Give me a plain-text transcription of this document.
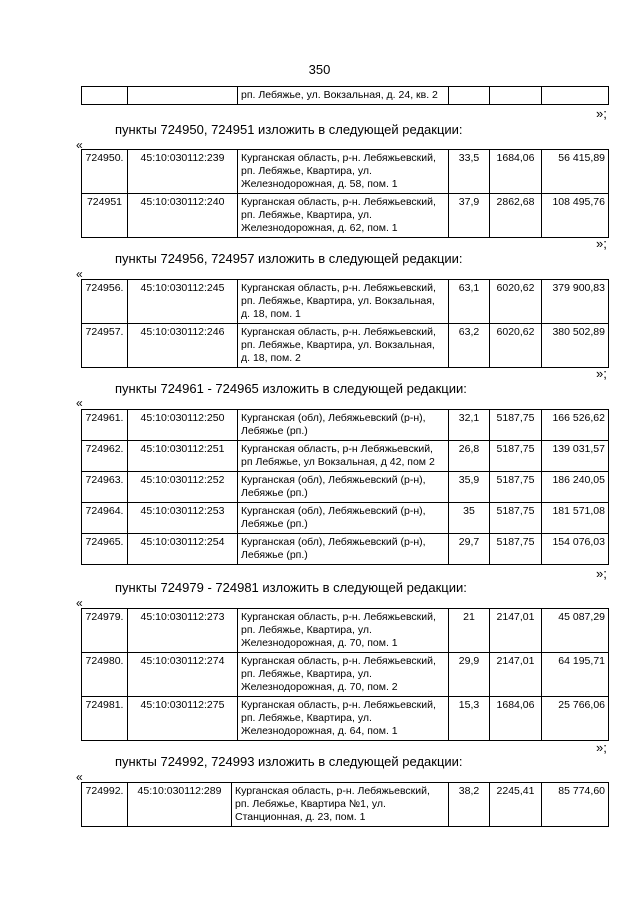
350
		рп. Лебяжье, ул. Вокзальная, д. 24, кв. 2			
»;
пункты 724950, 724951 изложить в следующей редакции:
«
724950.	45:10:030112:239	Курганская область, р-н. Лебяжьевский, рп. Лебяжье, Квартира, ул. Железнодорожная, д. 58, пом. 1	33,5	1684,06	56 415,89
724951	45:10:030112:240	Курганская область, р-н. Лебяжьевский, рп. Лебяжье, Квартира, ул. Железнодорожная, д. 62, пом. 1	37,9	2862,68	108 495,76
»;
пункты 724956, 724957 изложить в следующей редакции:
«
724956.	45:10:030112:245	Курганская область, р-н. Лебяжьевский, рп. Лебяжье, Квартира, ул. Вокзальная, д. 18, пом. 1	63,1	6020,62	379 900,83
724957.	45:10:030112:246	Курганская область, р-н. Лебяжьевский, рп. Лебяжье, Квартира, ул. Вокзальная, д. 18, пом. 2	63,2	6020,62	380 502,89
»;
пункты 724961 - 724965 изложить в следующей редакции:
«
724961.	45:10:030112:250	Курганская (обл), Лебяжьевский (р-н), Лебяжье (рп.)	32,1	5187,75	166 526,62
724962.	45:10:030112:251	Курганская область, р-н Лебяжьевский, рп Лебяжье, ул Вокзальная, д 42, пом 2	26,8	5187,75	139 031,57
724963.	45:10:030112:252	Курганская (обл), Лебяжьевский (р-н), Лебяжье (рп.)	35,9	5187,75	186 240,05
724964.	45:10:030112:253	Курганская (обл), Лебяжьевский (р-н), Лебяжье (рп.)	35	5187,75	181 571,08
724965.	45:10:030112:254	Курганская (обл), Лебяжьевский (р-н), Лебяжье (рп.)	29,7	5187,75	154 076,03
»;
пункты 724979 - 724981 изложить в следующей редакции:
«
724979.	45:10:030112:273	Курганская область, р-н. Лебяжьевский, рп. Лебяжье, Квартира, ул. Железнодорожная, д. 70, пом. 1	21	2147,01	45 087,29
724980.	45:10:030112:274	Курганская область, р-н. Лебяжьевский, рп. Лебяжье, Квартира, ул. Железнодорожная, д. 70, пом. 2	29,9	2147,01	64 195,71
724981.	45:10:030112:275	Курганская область, р-н. Лебяжьевский, рп. Лебяжье, Квартира, ул. Железнодорожная, д. 64, пом. 1	15,3	1684,06	25 766,06
»;
пункты 724992, 724993 изложить в следующей редакции:
«
724992.	45:10:030112:289	Курганская область, р-н. Лебяжьевский, рп. Лебяжье, Квартира №1, ул. Станционная, д. 23, пом. 1	38,2	2245,41	85 774,60
